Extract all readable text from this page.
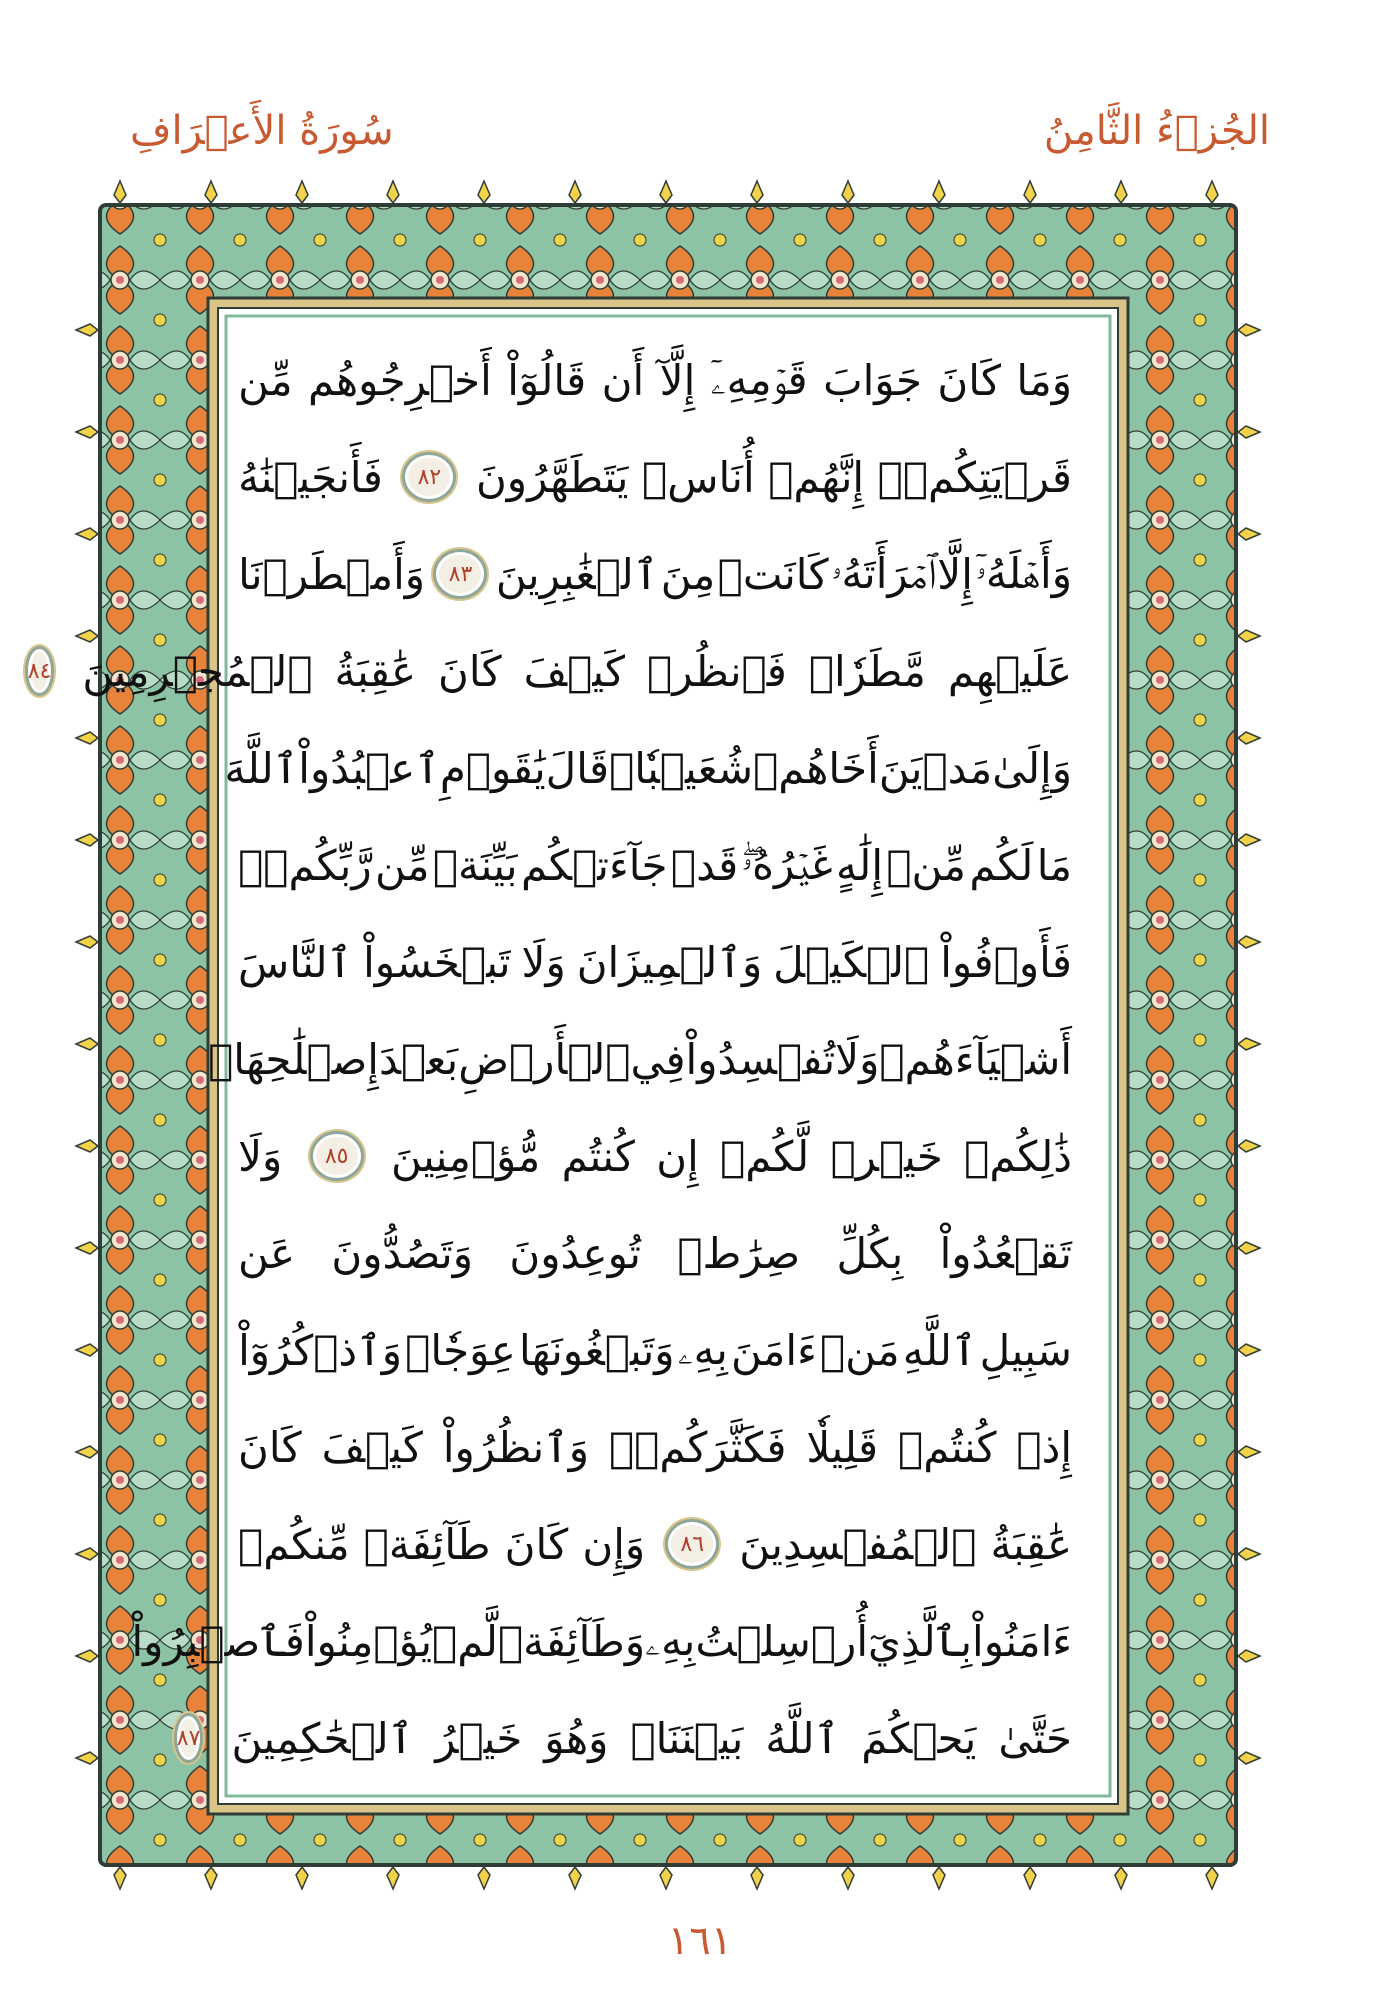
الجُزۡءُ الثَّامِنُ
سُورَةُ الأَعۡرَافِ
وَمَا
كَانَ
جَوَابَ
قَوۡمِهِۦٓ
إِلَّآ
أَن
قَالُوٓاْ
أَخۡرِجُوهُم
مِّن
قَرۡيَتِكُمۡۖ
إِنَّهُمۡ
أُنَاسٞ
يَتَطَهَّرُونَ
٨٢
فَأَنجَيۡنَٰهُ
وَأَهۡلَهُۥٓ
إِلَّا
ٱمۡرَأَتَهُۥ
كَانَتۡ
مِنَ
ٱلۡغَٰبِرِينَ
٨٣
وَأَمۡطَرۡنَا
عَلَيۡهِم
مَّطَرٗاۖ
فَٱنظُرۡ
كَيۡفَ
كَانَ
عَٰقِبَةُ
ٱلۡمُجۡرِمِينَ
٨٤
وَإِلَىٰ
مَدۡيَنَ
أَخَاهُمۡ
شُعَيۡبٗاۚ
قَالَ
يَٰقَوۡمِ
ٱعۡبُدُواْ
ٱللَّهَ
مَا
لَكُم
مِّنۡ
إِلَٰهٍ
غَيۡرُهُۥۖ
قَدۡ
جَآءَتۡكُم
بَيِّنَةٞ
مِّن
رَّبِّكُمۡۖ
فَأَوۡفُواْ
ٱلۡكَيۡلَ
وَٱلۡمِيزَانَ
وَلَا
تَبۡخَسُواْ
ٱلنَّاسَ
أَشۡيَآءَهُمۡ
وَلَا
تُفۡسِدُواْ
فِي
ٱلۡأَرۡضِ
بَعۡدَ
إِصۡلَٰحِهَاۚ
ذَٰلِكُمۡ
خَيۡرٞ
لَّكُمۡ
إِن
كُنتُم
مُّؤۡمِنِينَ
٨٥
وَلَا
تَقۡعُدُواْ
بِكُلِّ
صِرَٰطٖ
تُوعِدُونَ
وَتَصُدُّونَ
عَن
سَبِيلِ
ٱللَّهِ
مَنۡ
ءَامَنَ
بِهِۦ
وَتَبۡغُونَهَا
عِوَجٗاۚ
وَٱذۡكُرُوٓاْ
إِذۡ
كُنتُمۡ
قَلِيلٗا
فَكَثَّرَكُمۡۖ
وَٱنظُرُواْ
كَيۡفَ
كَانَ
عَٰقِبَةُ
ٱلۡمُفۡسِدِينَ
٨٦
وَإِن
كَانَ
طَآئِفَةٞ
مِّنكُمۡ
ءَامَنُواْ
بِٱلَّذِيٓ
أُرۡسِلۡتُ
بِهِۦ
وَطَآئِفَةٞ
لَّمۡ
يُؤۡمِنُواْ
فَٱصۡبِرُواْ
حَتَّىٰ
يَحۡكُمَ
ٱللَّهُ
بَيۡنَنَاۚ
وَهُوَ
خَيۡرُ
ٱلۡحَٰكِمِينَ
٨٧
١٦١
